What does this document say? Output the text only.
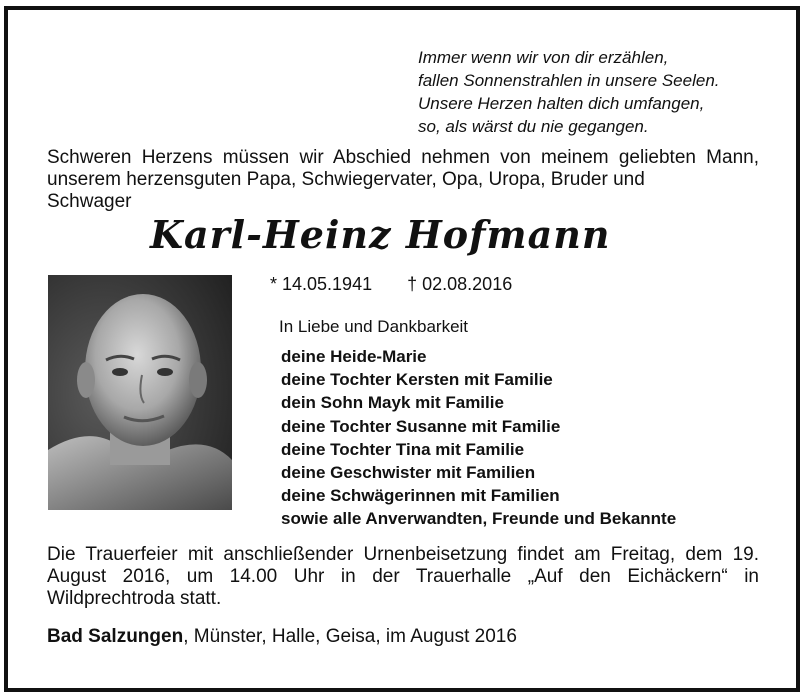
Immer wenn wir von dir erzählen,
fallen Sonnenstrahlen in unsere Seelen.
Unsere Herzen halten dich umfangen,
so, als wärst du nie gegangen.
Schweren Herzens müssen wir Abschied nehmen von meinem geliebten Mann, unserem herzensguten Papa, Schwiegervater, Opa, Uropa, Bruder und
Schwager
Karl-Heinz Hofmann
* 14.05.1941 † 02.08.2016
In Liebe und Dankbarkeit
deine Heide-Marie
deine Tochter Kersten mit Familie
dein Sohn Mayk mit Familie
deine Tochter Susanne mit Familie
deine Tochter Tina mit Familie
deine Geschwister mit Familien
deine Schwägerinnen mit Familien
sowie alle Anverwandten, Freunde und Bekannte
Die Trauerfeier mit anschließender Urnenbeisetzung findet am Freitag, dem 19. August 2016, um 14.00 Uhr in der Trauerhalle „Auf den Eichäckern“ in Wildprechtroda statt.
Bad Salzungen, Münster, Halle, Geisa, im August 2016
